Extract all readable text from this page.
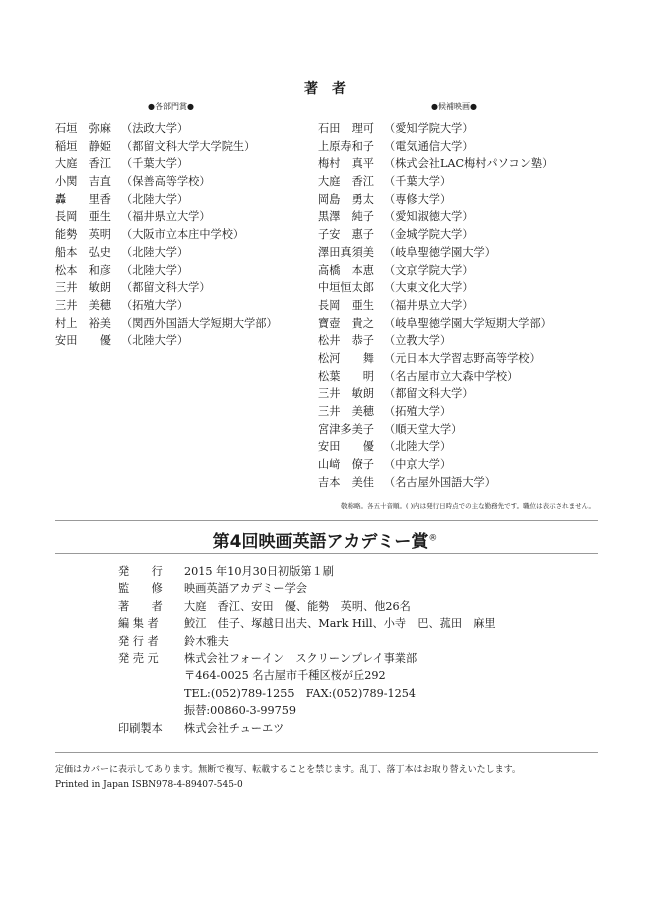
著　者
●各部門賞●	●候補映画●
石垣　弥麻 （法政大学）
稲垣　静姫 （都留文科大学大学院生）
大庭　香江 （千葉大学）
小関　吉直 （保善高等学校）
轟　　里香 （北陸大学）
長岡　亜生 （福井県立大学）
能勢　英明 （大阪市立本庄中学校）
船本　弘史 （北陸大学）
松本　和彦 （北陸大学）
三井　敏朗 （都留文科大学）
三井　美穂 （拓殖大学）
村上　裕美 （関西外国語大学短期大学部）
安田　　優 （北陸大学）
石田　理可 （愛知学院大学）
上原寿和子 （電気通信大学）
梅村　真平 （株式会社LAC梅村パソコン塾）
大庭　香江 （千葉大学）
岡島　勇太 （専修大学）
黒澤　純子 （愛知淑徳大学）
子安　惠子 （金城学院大学）
澤田真須美 （岐阜聖徳学園大学）
高橋　本恵 （文京学院大学）
中垣恒太郎 （大東文化大学）
長岡　亜生 （福井県立大学）
寶壺　貴之 （岐阜聖徳学園大学短期大学部）
松井　恭子 （立教大学）
松河　　舞 （元日本大学習志野高等学校）
松葉　　明 （名古屋市立大森中学校）
三井　敏朗 （都留文科大学）
三井　美穂 （拓殖大学）
宮津多美子 （順天堂大学）
安田　　優 （北陸大学）
山﨑　僚子 （中京大学）
吉本　美佳 （名古屋外国語大学）
敬称略。各五十音順。( )内は発行日時点での主な勤務先です。職位は表示されません。
第4回映画英語アカデミー賞®
発　　行	2015 年10月30日初版第１刷
監　　修	映画英語アカデミー学会
著　　者	大庭　香江、安田　優、能勢　英明、他26名
編 集 者	鮫江　佳子、塚越日出夫、Mark Hill、小寺　巴、菰田　麻里
発 行 者	鈴木雅夫
発 売 元	株式会社フォーイン　スクリーンプレイ事業部
〒464-0025 名古屋市千種区桜が丘292
TEL:(052)789-1255　FAX:(052)789-1254
振替:00860-3-99759
印刷製本	株式会社チューエツ
定価はカバーに表示してあります。無断で複写、転載することを禁じます。乱丁、落丁本はお取り替えいたします。
Printed in Japan ISBN978-4-89407-545-0
